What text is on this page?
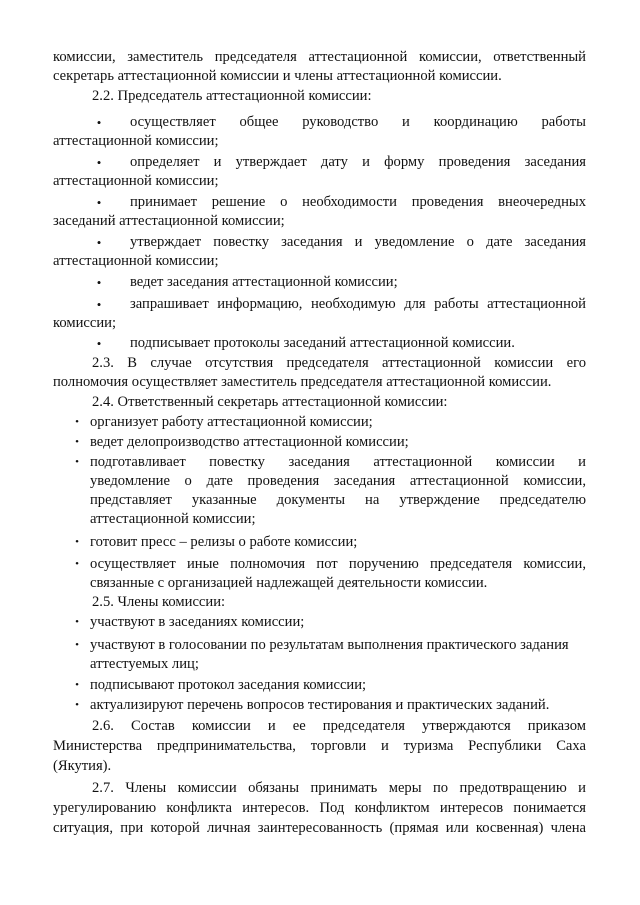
комиссии, заместитель председателя аттестационной комиссии, ответственный
секретарь аттестационной комиссии и члены аттестационной комиссии.
2.2. Председатель аттестационной комиссии:
•	осуществляет общее руководство и координацию работы
аттестационной комиссии;
•	определяет и утверждает дату и форму проведения заседания
аттестационной комиссии;
•	принимает решение о необходимости проведения внеочередных
заседаний аттестационной комиссии;
•	утверждает повестку заседания и уведомление о дате заседания
аттестационной комиссии;
•	ведет заседания аттестационной комиссии;
•	запрашивает информацию, необходимую для работы аттестационной
комиссии;
•	подписывает протоколы заседаний аттестационной комиссии.
2.3. В случае отсутствия председателя аттестационной комиссии его
полномочия осуществляет заместитель председателя аттестационной комиссии.
2.4. Ответственный секретарь аттестационной комиссии:
• организует работу аттестационной комиссии;
• ведет делопроизводство аттестационной комиссии;
• подготавливает повестку заседания аттестационной комиссии и
уведомление о дате проведения заседания аттестационной комиссии,
представляет указанные документы на утверждение председателю
аттестационной комиссии;
• готовит пресс – релизы о работе комиссии;
• осуществляет иные полномочия пот поручению председателя комиссии,
связанные с организацией надлежащей деятельности комиссии.
2.5. Члены комиссии:
• участвуют в заседаниях комиссии;
• участвуют в голосовании по результатам выполнения практического задания
аттестуемых лиц;
• подписывают протокол заседания комиссии;
• актуализируют перечень вопросов тестирования и практических заданий.
2.6. Состав комиссии и ее председателя утверждаются приказом
Министерства предпринимательства, торговли и туризма Республики Саха
(Якутия).
2.7. Члены комиссии обязаны принимать меры по предотвращению и
урегулированию конфликта интересов. Под конфликтом интересов понимается
ситуация, при которой личная заинтересованность (прямая или косвенная) члена
